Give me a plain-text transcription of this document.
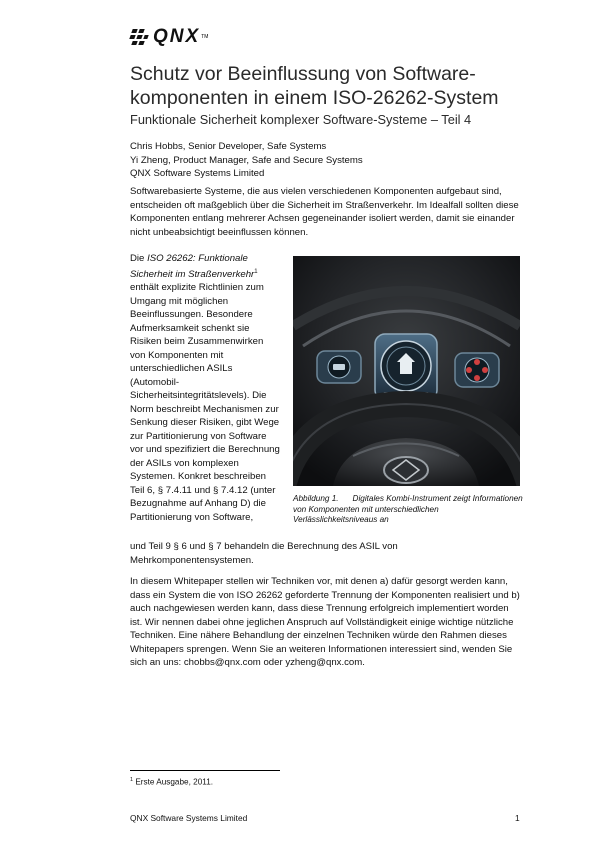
QNX TM
Schutz vor Beeinflussung von Software-
komponenten in einem ISO-26262-System
Funktionale Sicherheit komplexer Software-Systeme – Teil 4
Chris Hobbs, Senior Developer, Safe Systems
Yi Zheng, Product Manager, Safe and Secure Systems
QNX Software Systems Limited

Softwarebasierte Systeme, die aus vielen verschiedenen Komponenten aufgebaut sind, entscheiden oft maßgeblich über die Sicherheit im Straßenverkehr. Im Idealfall sollten diese Komponenten entlang mehrerer Achsen gegeneinander isoliert werden, damit sie einander nicht unbeabsichtigt beeinflussen können.

Die ISO 26262: Funktionale Sicherheit im Straßenverkehr$^1$ enthält explizite Richtlinien zum Umgang mit möglichen Beeinflussungen. Besondere Aufmerksamkeit schenkt sie Risiken beim Zusammenwirken von Komponenten mit unterschiedlichen ASILs (Automobil-Sicherheitsintegritätslevels). Die Norm beschreibt Mechanismen zur Senkung dieser Risiken, gibt Wege zur Partitionierung von Software vor und spezifiziert die Berechnung der ASILs von komplexen Systemen. Konkret beschreiben Teil 6, § 7.4.11 und § 7.4.12 (unter Bezugnahme auf Anhang D) die Partitionierung von Software,

Abbildung 1. Digitales Kombi-Instrument zeigt Informationen von Komponenten mit unterschiedlichen Verlässlichkeitsniveaus an

und Teil 9 § 6 und § 7 behandeln die Berechnung des ASIL von Mehrkomponentensystemen.

In diesem Whitepaper stellen wir Techniken vor, mit denen a) dafür gesorgt werden kann, dass ein System die von ISO 26262 geforderte Trennung der Komponenten realisiert und b) auch nachgewiesen werden kann, dass diese Trennung erfolgreich implementiert worden ist. Wir nennen dabei ohne jeglichen Anspruch auf Vollständigkeit einige wichtige nützliche Techniken. Eine nähere Behandlung der einzelnen Techniken würde den Rahmen dieses Whitepapers sprengen. Wenn Sie an weiteren Informationen interessiert sind, wenden Sie sich an uns: chobbs@qnx.com oder yzheng@qnx.com.

$^1$ Erste Ausgabe, 2011.
QNX Software Systems Limited	1
